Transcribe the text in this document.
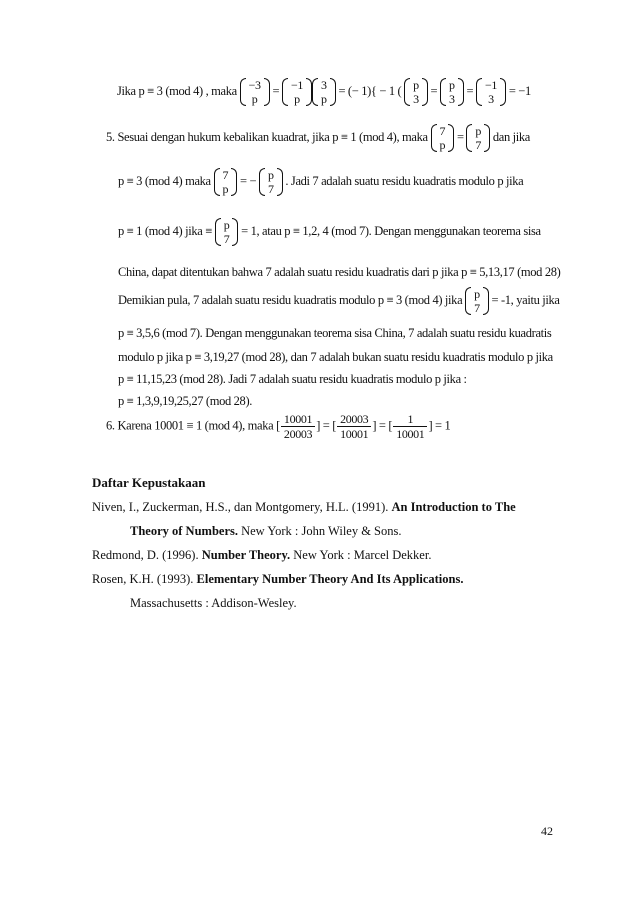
Jika p ≡ 3 (mod 4) , maka −3
p
= −1
p
3
p
= (− 1){ − 1 ( p
3
= p
3
= −1
3
= −1
5. Sesuai dengan hukum kebalikan kuadrat, jika p ≡ 1 (mod 4), maka 7
p
= p
7
dan jika
p ≡ 3 (mod 4) maka 7
p
= − p
7
. Jadi 7 adalah suatu residu kuadratis modulo p jika
p ≡ 1 (mod 4) jika ≡ p
7
= 1, atau p ≡ 1,2, 4 (mod 7). Dengan menggunakan teorema sisa
China, dapat ditentukan bahwa 7 adalah suatu residu kuadratis dari p jika p ≡ 5,13,17 (mod 28)
Demikian pula, 7 adalah suatu residu kuadratis modulo p ≡ 3 (mod 4) jika p
7
= -1, yaitu jika
p ≡ 3,5,6 (mod 7). Dengan menggunakan teorema sisa China, 7 adalah suatu residu kuadratis
modulo p jika p ≡ 3,19,27 (mod 28), dan 7 adalah bukan suatu residu kuadratis modulo p jika
p ≡ 11,15,23 (mod 28). Jadi 7 adalah suatu residu kuadratis modulo p jika :
p ≡ 1,3,9,19,25,27 (mod 28).
6. Karena 10001 ≡ 1 (mod 4), maka [ $\frac{10001}{20003}$ ] = [ $\frac{20003}{10001}$ ] = [ $\frac{1}{10001}$ ] = 1
Daftar Kepustakaan
Niven, I., Zuckerman, H.S., dan Montgomery, H.L. (1991). An Introduction to The
Theory of Numbers. New York : John Wiley & Sons.
Redmond, D. (1996). Number Theory. New York : Marcel Dekker.
Rosen, K.H. (1993). Elementary Number Theory And Its Applications.
Massachusetts : Addison-Wesley.
42
